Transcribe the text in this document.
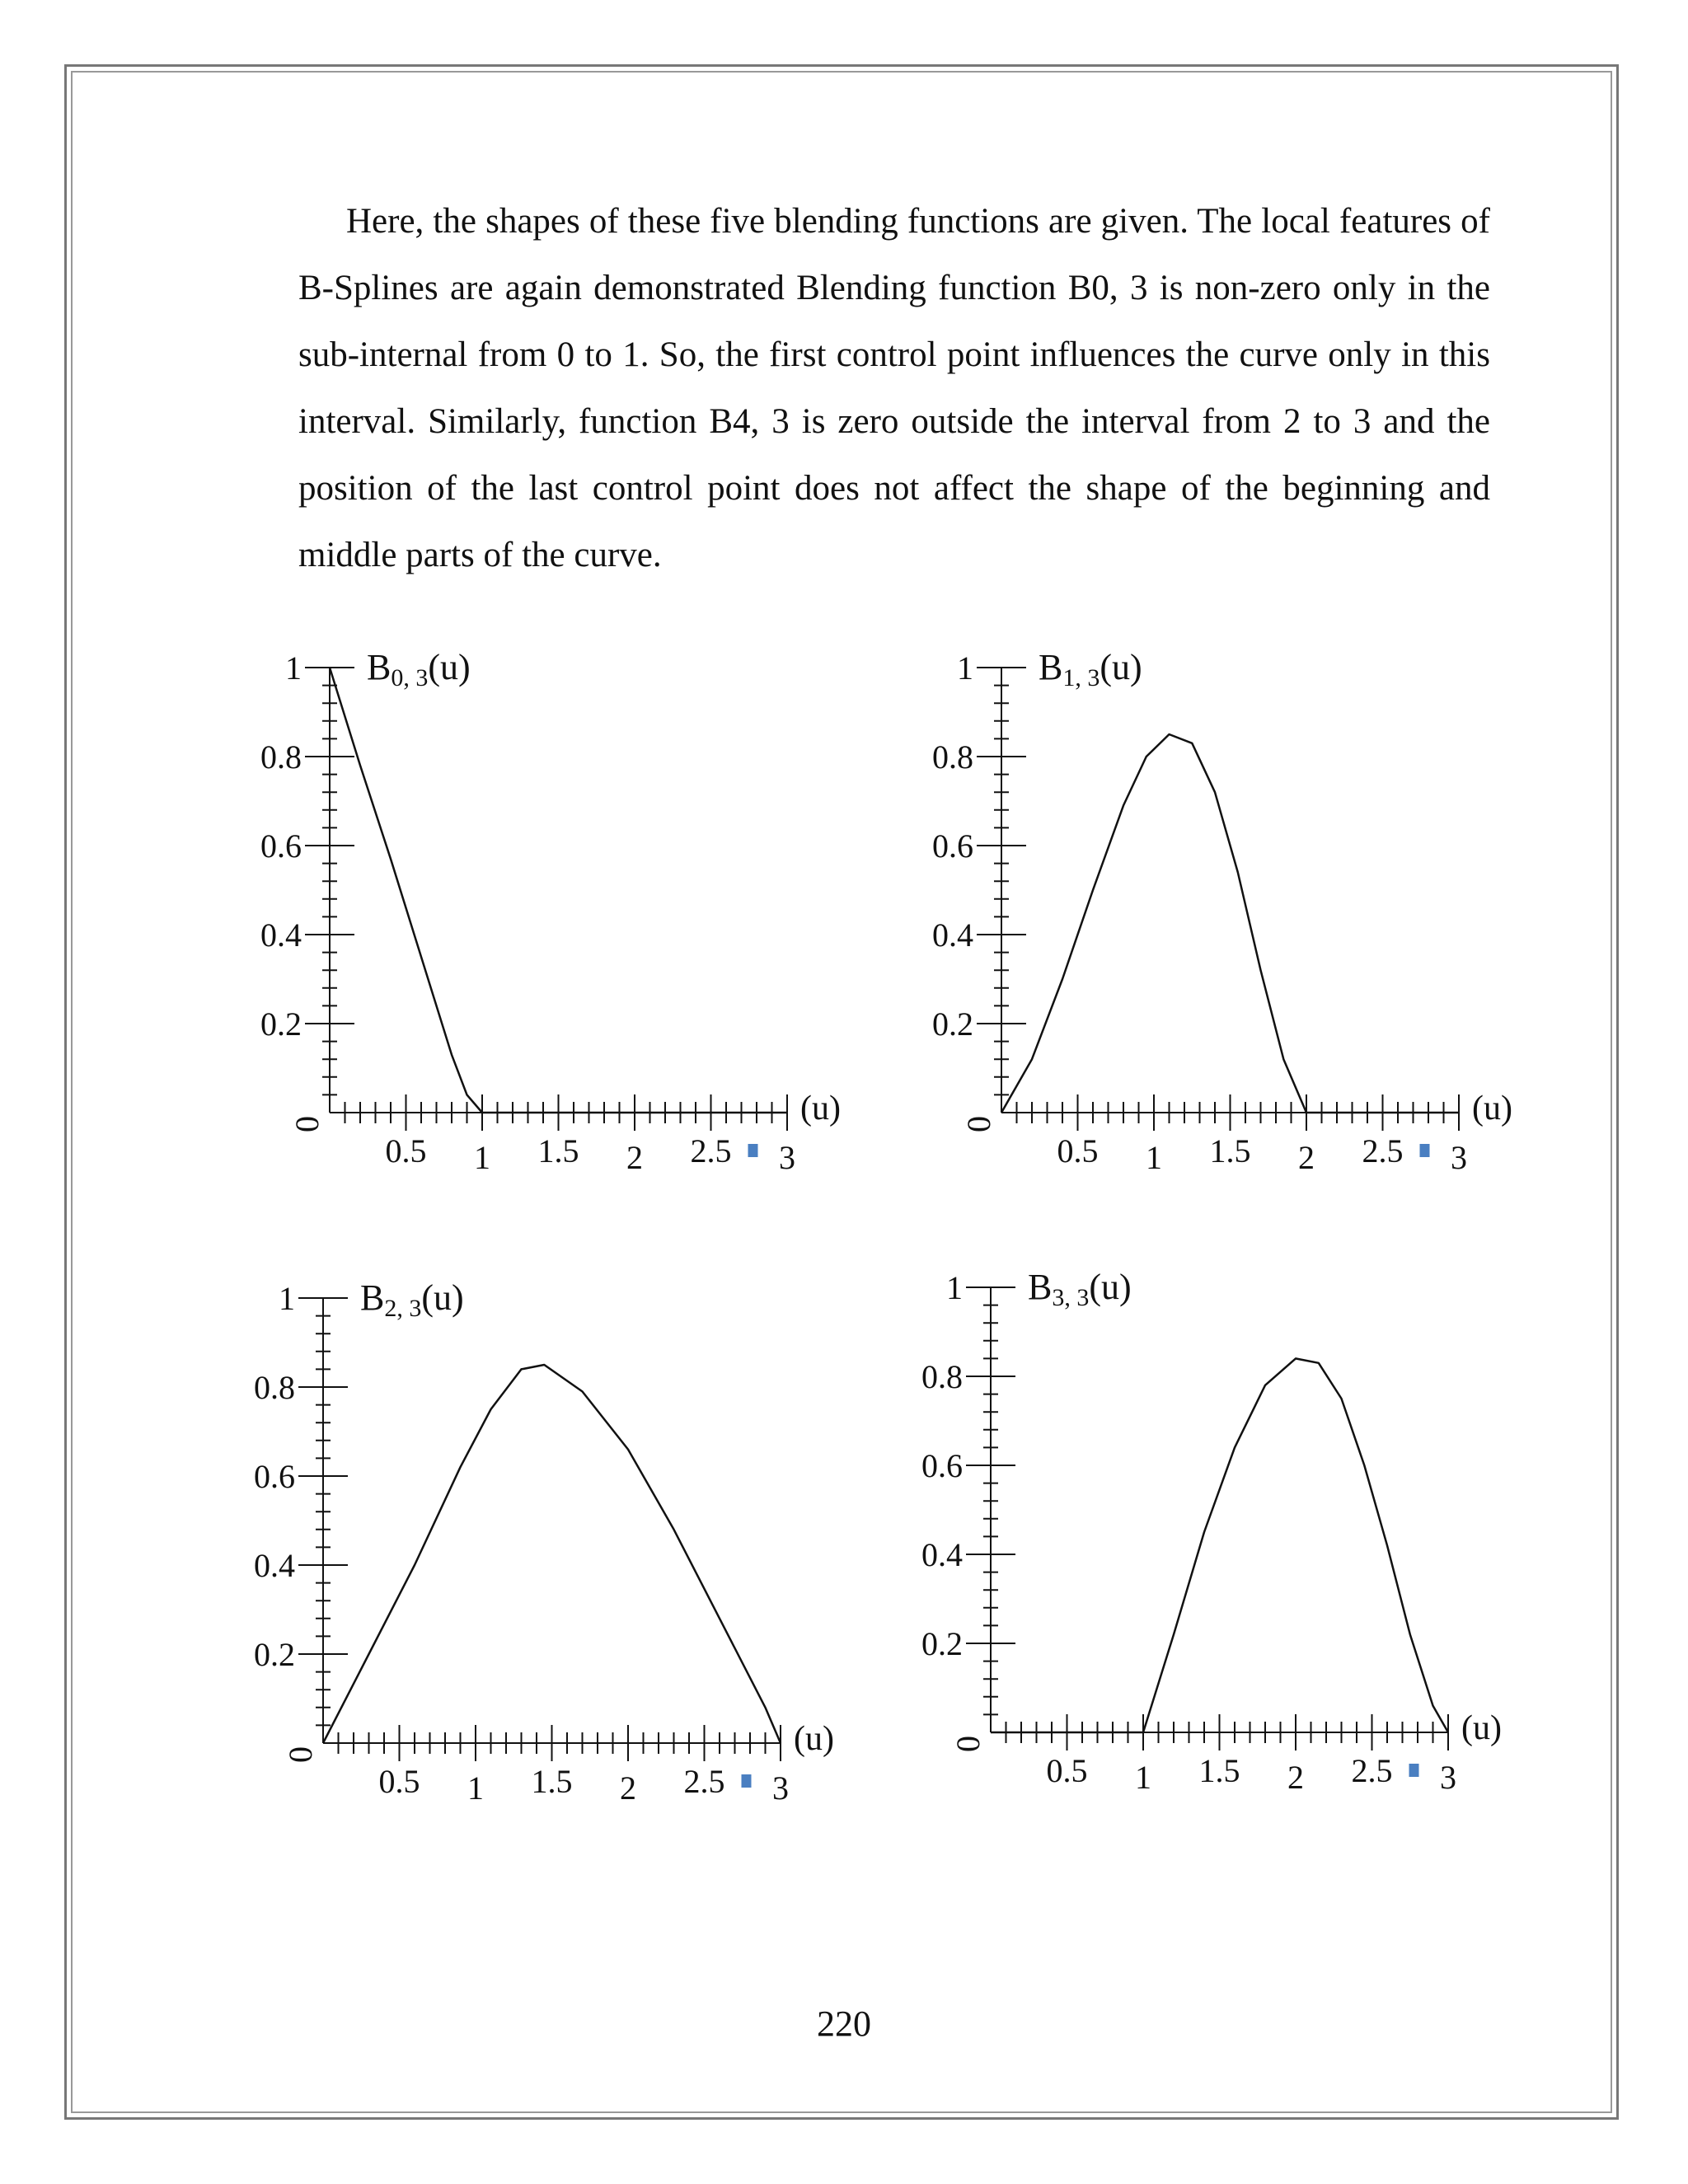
Here, the shapes of these five blending functions are given. The local features of B-Splines are again demonstrated Blending function B0, 3 is non-zero only in the sub-internal from 0 to 1. So, the first control point influences the curve only in this interval. Similarly, function B4, 3 is zero outside the interval from 2 to 3 and the position of the last control point does not affect the shape of the beginning and middle parts of the curve.

0.2
0.4
0.6
0.8
1
0.5 1 1.5 2 2.5 3
0	(u)
B0, 3(u)
0.2
0.4
0.6
0.8
1
0.5 1 1.5 2 2.5 3
0	(u)
B1, 3(u)
0.2
0.4
0.6
0.8
1
0.5 1 1.5 2 2.5 3
0	(u)
B2, 3(u)
0.2
0.4
0.6
0.8
1
0.5 1 1.5 2 2.5 3
0	(u)
B3, 3(u)

220
